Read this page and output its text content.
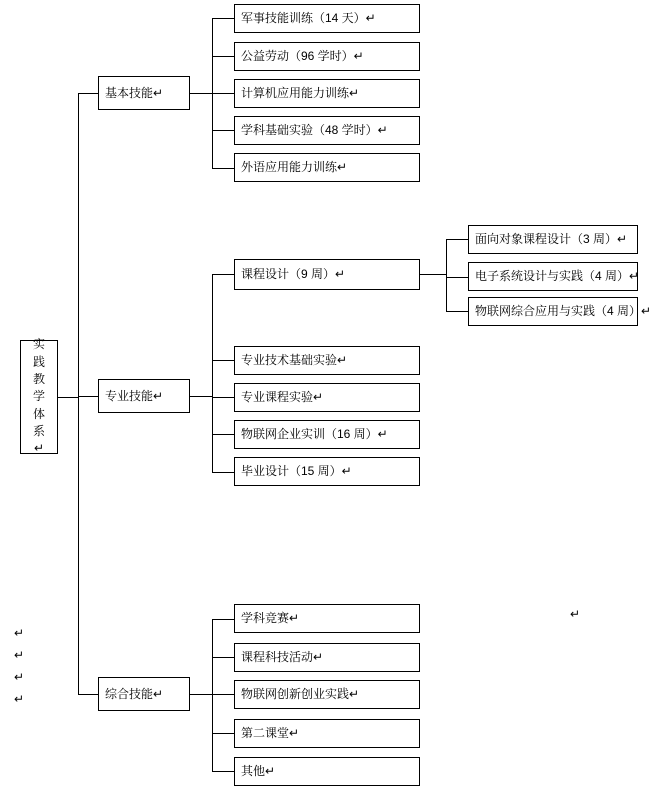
实
践
教
学
体
系
↵
基本技能↵
军事技能训练（14 天）↵
公益劳动（96 学时）↵
计算机应用能力训练↵
学科基础实验（48 学时）↵
外语应用能力训练↵
专业技能↵
课程设计（9 周）↵
专业技术基础实验↵
专业课程实验↵
物联网企业实训（16 周）↵
毕业设计（15 周）↵
面向对象课程设计（3 周）↵
电子系统设计与实践（4 周）↵
物联网综合应用与实践（4 周）↵
综合技能↵
学科竞赛↵
课程科技活动↵
物联网创新创业实践↵
第二课堂↵
其他↵
↵
↵
↵
↵
↵
